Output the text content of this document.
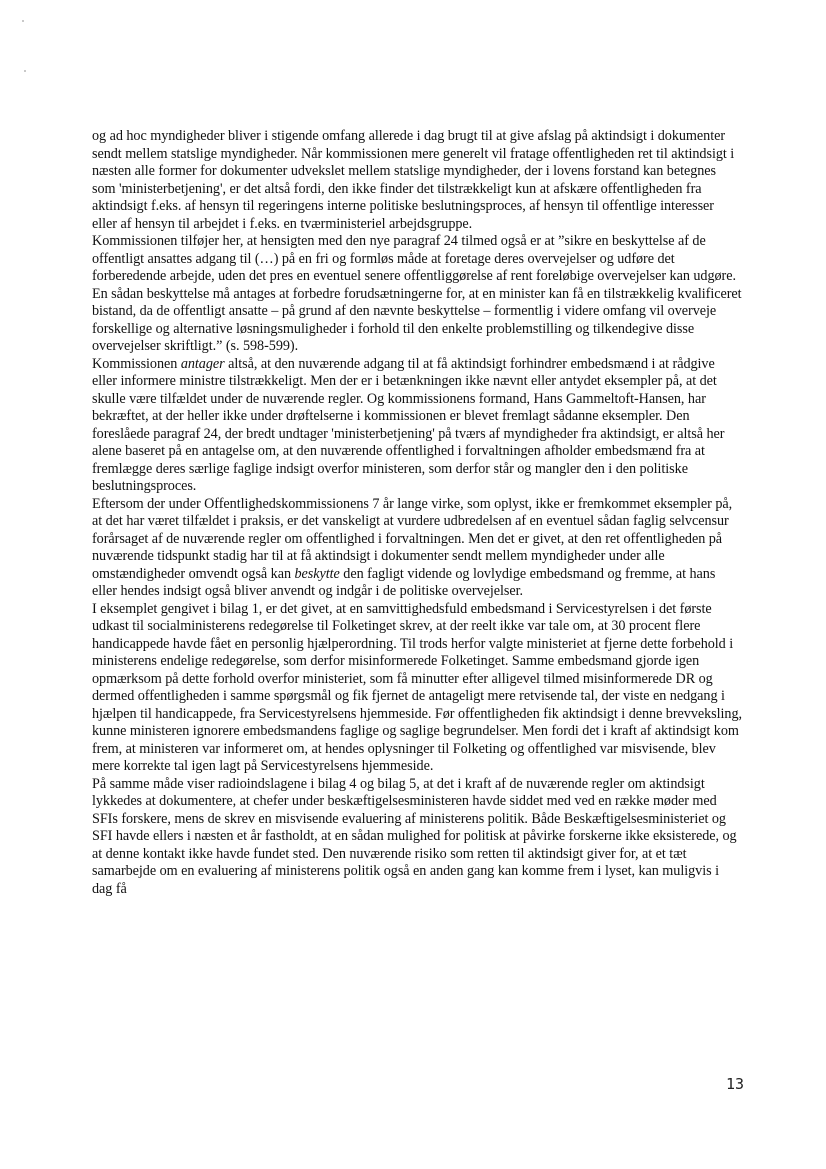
og ad hoc myndigheder bliver i stigende omfang allerede i dag brugt til at give afslag på aktindsigt i dokumenter sendt mellem statslige myndigheder. Når kommissionen mere generelt vil fratage offentligheden ret til aktindsigt i næsten alle former for dokumenter udvekslet mellem statslige myndigheder, der i lovens forstand kan betegnes som 'ministerbetjening', er det altså fordi, den ikke finder det tilstrækkeligt kun at afskære offentligheden fra aktindsigt f.eks. af hensyn til regeringens interne politiske beslutningsproces, af hensyn til offentlige interesser eller af hensyn til arbejdet i f.eks. en tværministeriel arbejdsgruppe.

Kommissionen tilføjer her, at hensigten med den nye paragraf 24 tilmed også er at ”sikre en beskyttelse af de offentligt ansattes adgang til (…) på en fri og formløs måde at foretage deres overvejelser og udføre det forberedende arbejde, uden det pres en eventuel senere offentliggørelse af rent foreløbige overvejelser kan udgøre. En sådan beskyttelse må antages at forbedre forudsætningerne for, at en minister kan få en tilstrækkelig kvalificeret bistand, da de offentligt ansatte – på grund af den nævnte beskyttelse – formentlig i videre omfang vil overveje forskellige og alternative løsningsmuligheder i forhold til den enkelte problemstilling og tilkendegive disse overvejelser skriftligt.” (s. 598-599).

Kommissionen antager altså, at den nuværende adgang til at få aktindsigt forhindrer embedsmænd i at rådgive eller informere ministre tilstrækkeligt. Men der er i betænkningen ikke nævnt eller antydet eksempler på, at det skulle være tilfældet under de nuværende regler. Og kommissionens formand, Hans Gammeltoft-Hansen, har bekræftet, at der heller ikke under drøftelserne i kommissionen er blevet fremlagt sådanne eksempler. Den foreslåede paragraf 24, der bredt undtager 'ministerbetjening' på tværs af myndigheder fra aktindsigt, er altså her alene baseret på en antagelse om, at den nuværende offentlighed i forvaltningen afholder embedsmænd fra at fremlægge deres særlige faglige indsigt overfor ministeren, som derfor står og mangler den i den politiske beslutningsproces.

Eftersom der under Offentlighedskommissionens 7 år lange virke, som oplyst, ikke er fremkommet eksempler på, at det har været tilfældet i praksis, er det vanskeligt at vurdere udbredelsen af en eventuel sådan faglig selvcensur forårsaget af de nuværende regler om offentlighed i forvaltningen. Men det er givet, at den ret offentligheden på nuværende tidspunkt stadig har til at få aktindsigt i dokumenter sendt mellem myndigheder under alle omstændigheder omvendt også kan beskytte den fagligt vidende og lovlydige embedsmand og fremme, at hans eller hendes indsigt også bliver anvendt og indgår i de politiske overvejelser.

I eksemplet gengivet i bilag 1, er det givet, at en samvittighedsfuld embedsmand i Servicestyrelsen i det første udkast til socialministerens redegørelse til Folketinget skrev, at der reelt ikke var tale om, at 30 procent flere handicappede havde fået en personlig hjælperordning. Til trods herfor valgte ministeriet at fjerne dette forbehold i ministerens endelige redegørelse, som derfor misinformerede Folketinget. Samme embedsmand gjorde igen opmærksom på dette forhold overfor ministeriet, som få minutter efter alligevel tilmed misinformerede DR og dermed offentligheden i samme spørgsmål og fik fjernet de antageligt mere retvisende tal, der viste en nedgang i hjælpen til handicappede, fra Servicestyrelsens hjemmeside. Før offentligheden fik aktindsigt i denne brevveksling, kunne ministeren ignorere embedsmandens faglige og saglige begrundelser. Men fordi det i kraft af aktindsigt kom frem, at ministeren var informeret om, at hendes oplysninger til Folketing og offentlighed var misvisende, blev mere korrekte tal igen lagt på Servicestyrelsens hjemmeside.

På samme måde viser radioindslagene i bilag 4 og bilag 5, at det i kraft af de nuværende regler om aktindsigt lykkedes at dokumentere, at chefer under beskæftigelsesministeren havde siddet med ved en række møder med SFIs forskere, mens de skrev en misvisende evaluering af ministerens politik. Både Beskæftigelsesministeriet og SFI havde ellers i næsten et år fastholdt, at en sådan mulighed for politisk at påvirke forskerne ikke eksisterede, og at denne kontakt ikke havde fundet sted. Den nuværende risiko som retten til aktindsigt giver for, at et tæt samarbejde om en evaluering af ministerens politik også en anden gang kan komme frem i lyset, kan muligvis i dag få

13
